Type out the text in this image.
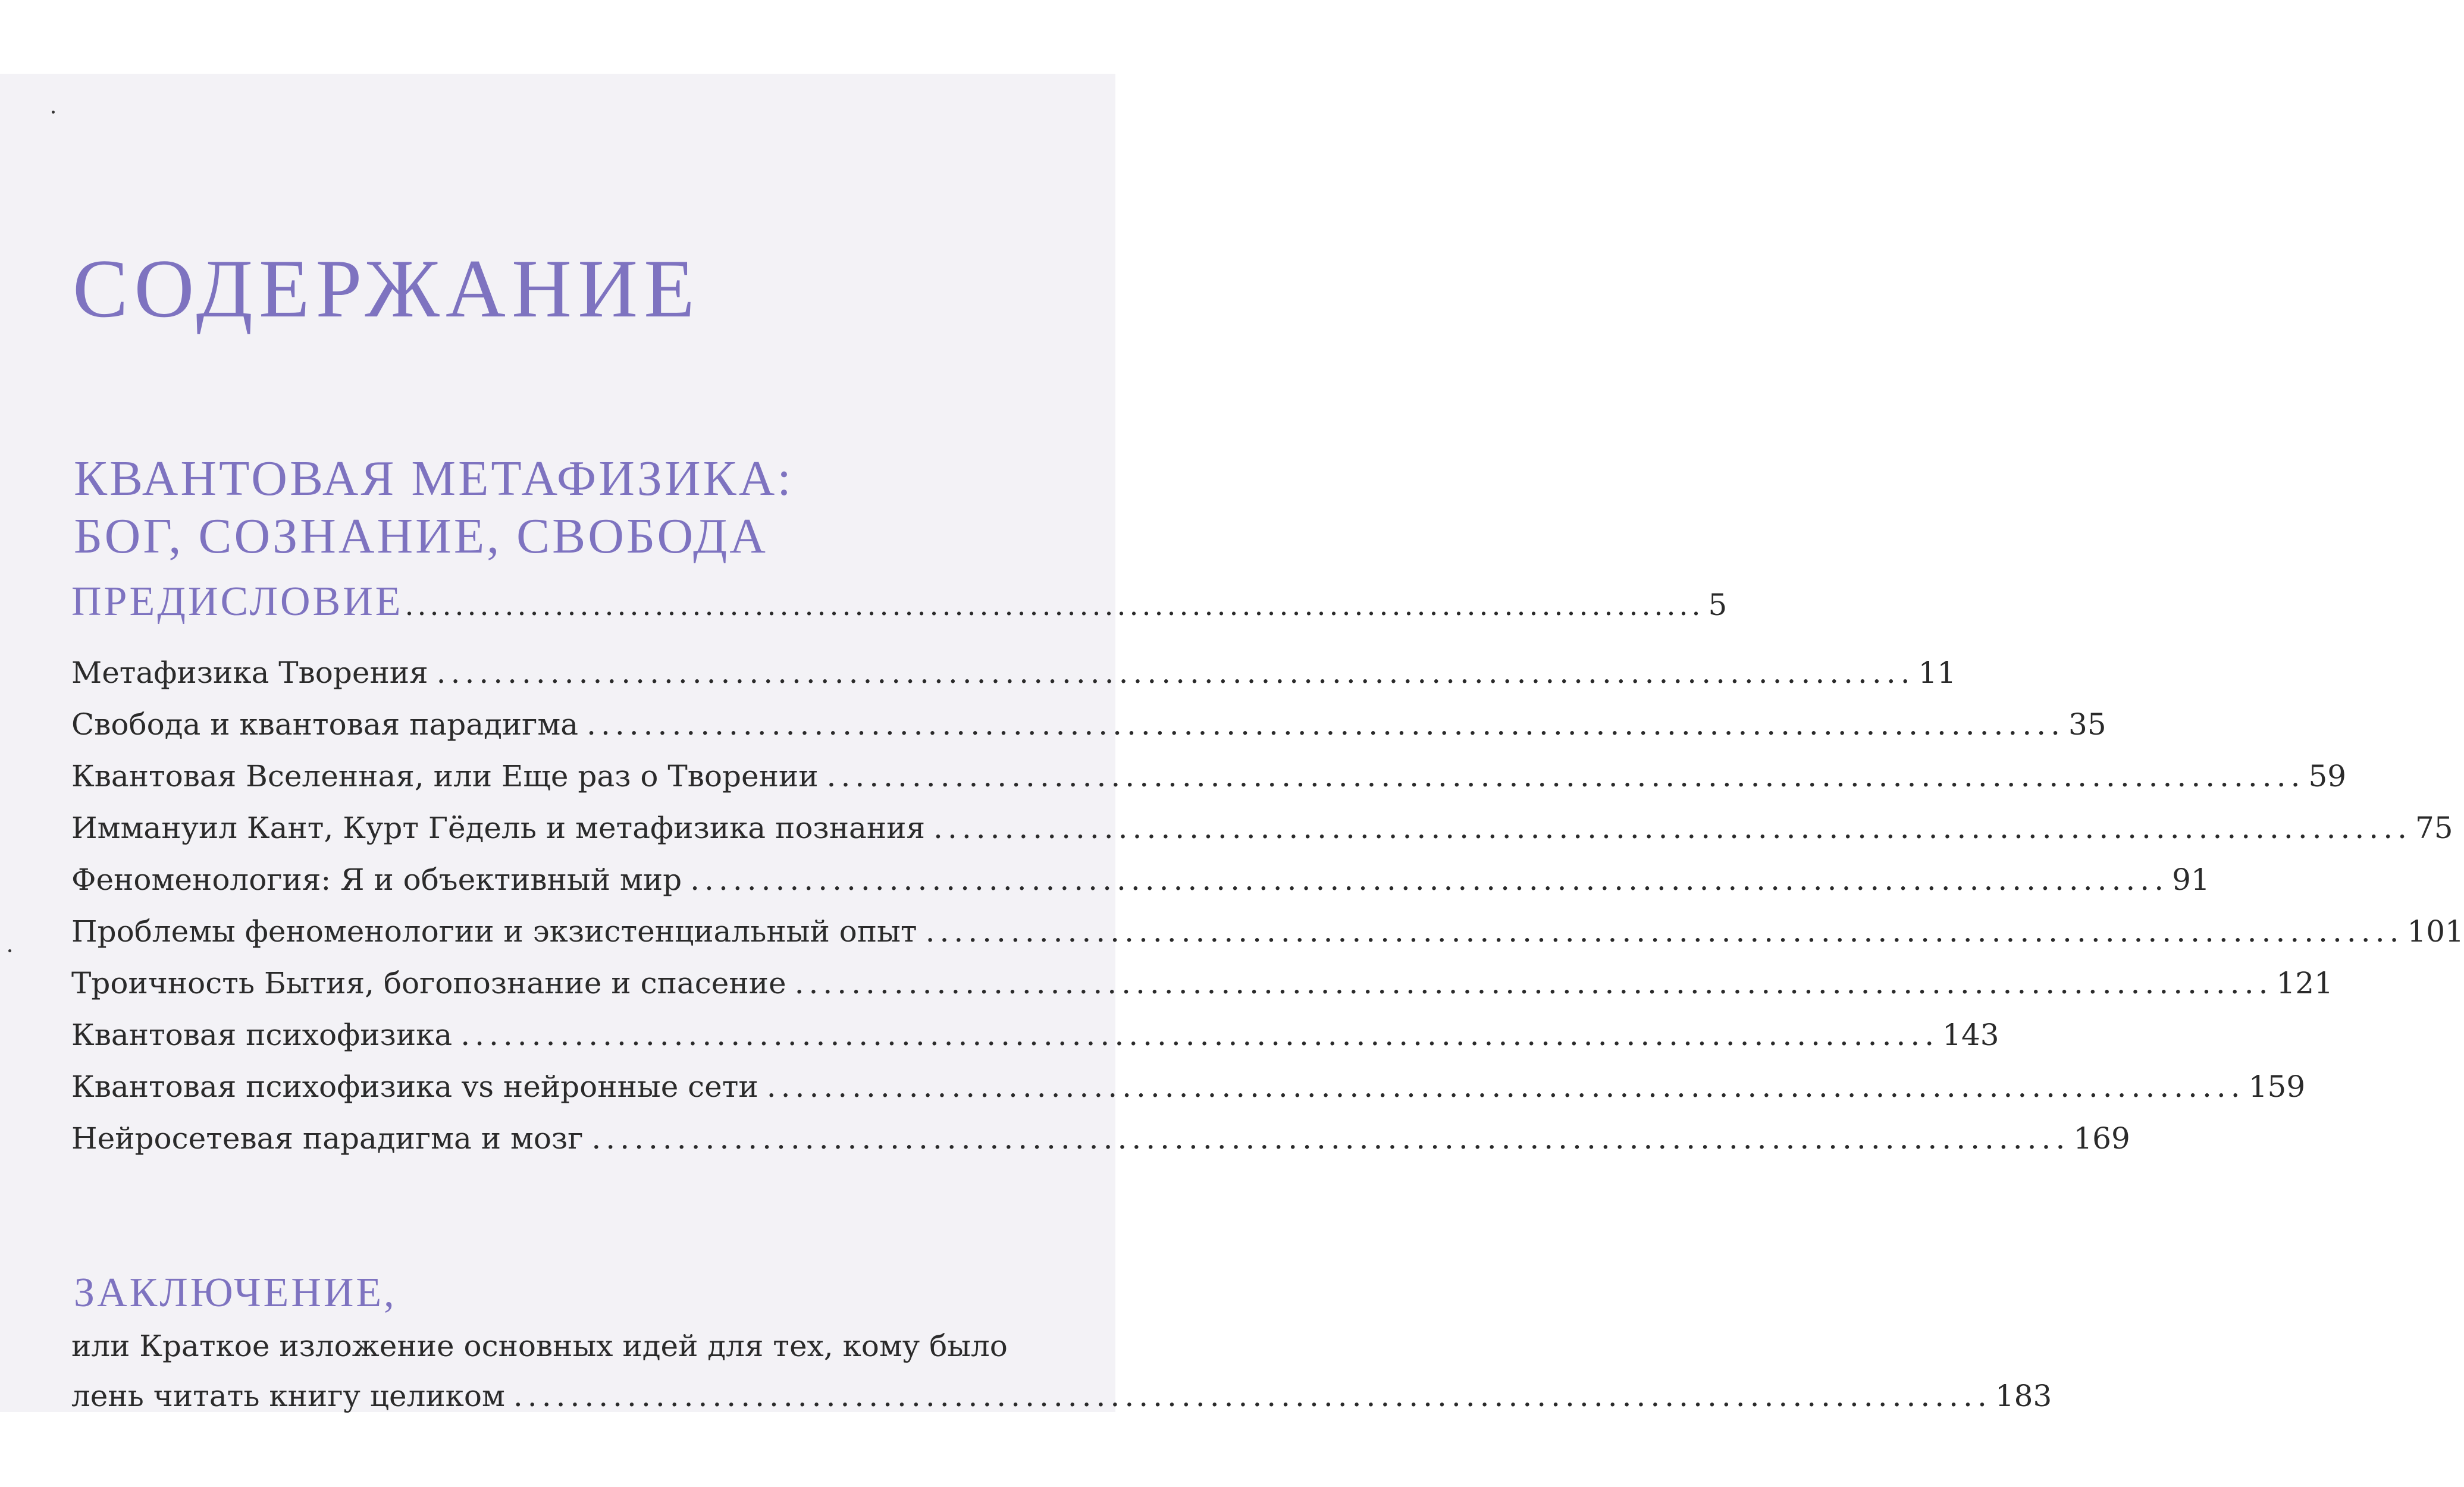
СОДЕРЖАНИЕ
КВАНТОВАЯ МЕТАФИЗИКА:
БОГ, СОЗНАНИЕ, СВОБОДА
ПРЕДИСЛОВИЕ ........................................................................................................ 5
Метафизика Творения ........................................................................................................ 11
Свобода и квантовая парадигма ........................................................................................................ 35
Квантовая Вселенная, или Еще раз о Творении ........................................................................................................ 59
Иммануил Кант, Курт Гёдель и метафизика познания ........................................................................................................ 75
Феноменология: Я и объективный мир ........................................................................................................ 91
Проблемы феноменологии и экзистенциальный опыт ........................................................................................................ 101
Троичность Бытия, богопознание и спасение ........................................................................................................ 121
Квантовая психофизика ........................................................................................................ 143
Квантовая психофизика vs нейронные сети ........................................................................................................ 159
Нейросетевая парадигма и мозг ........................................................................................................ 169
ЗАКЛЮЧЕНИЕ,
или Краткое изложение основных идей для тех, кому было
лень читать книгу целиком ........................................................................................................ 183
